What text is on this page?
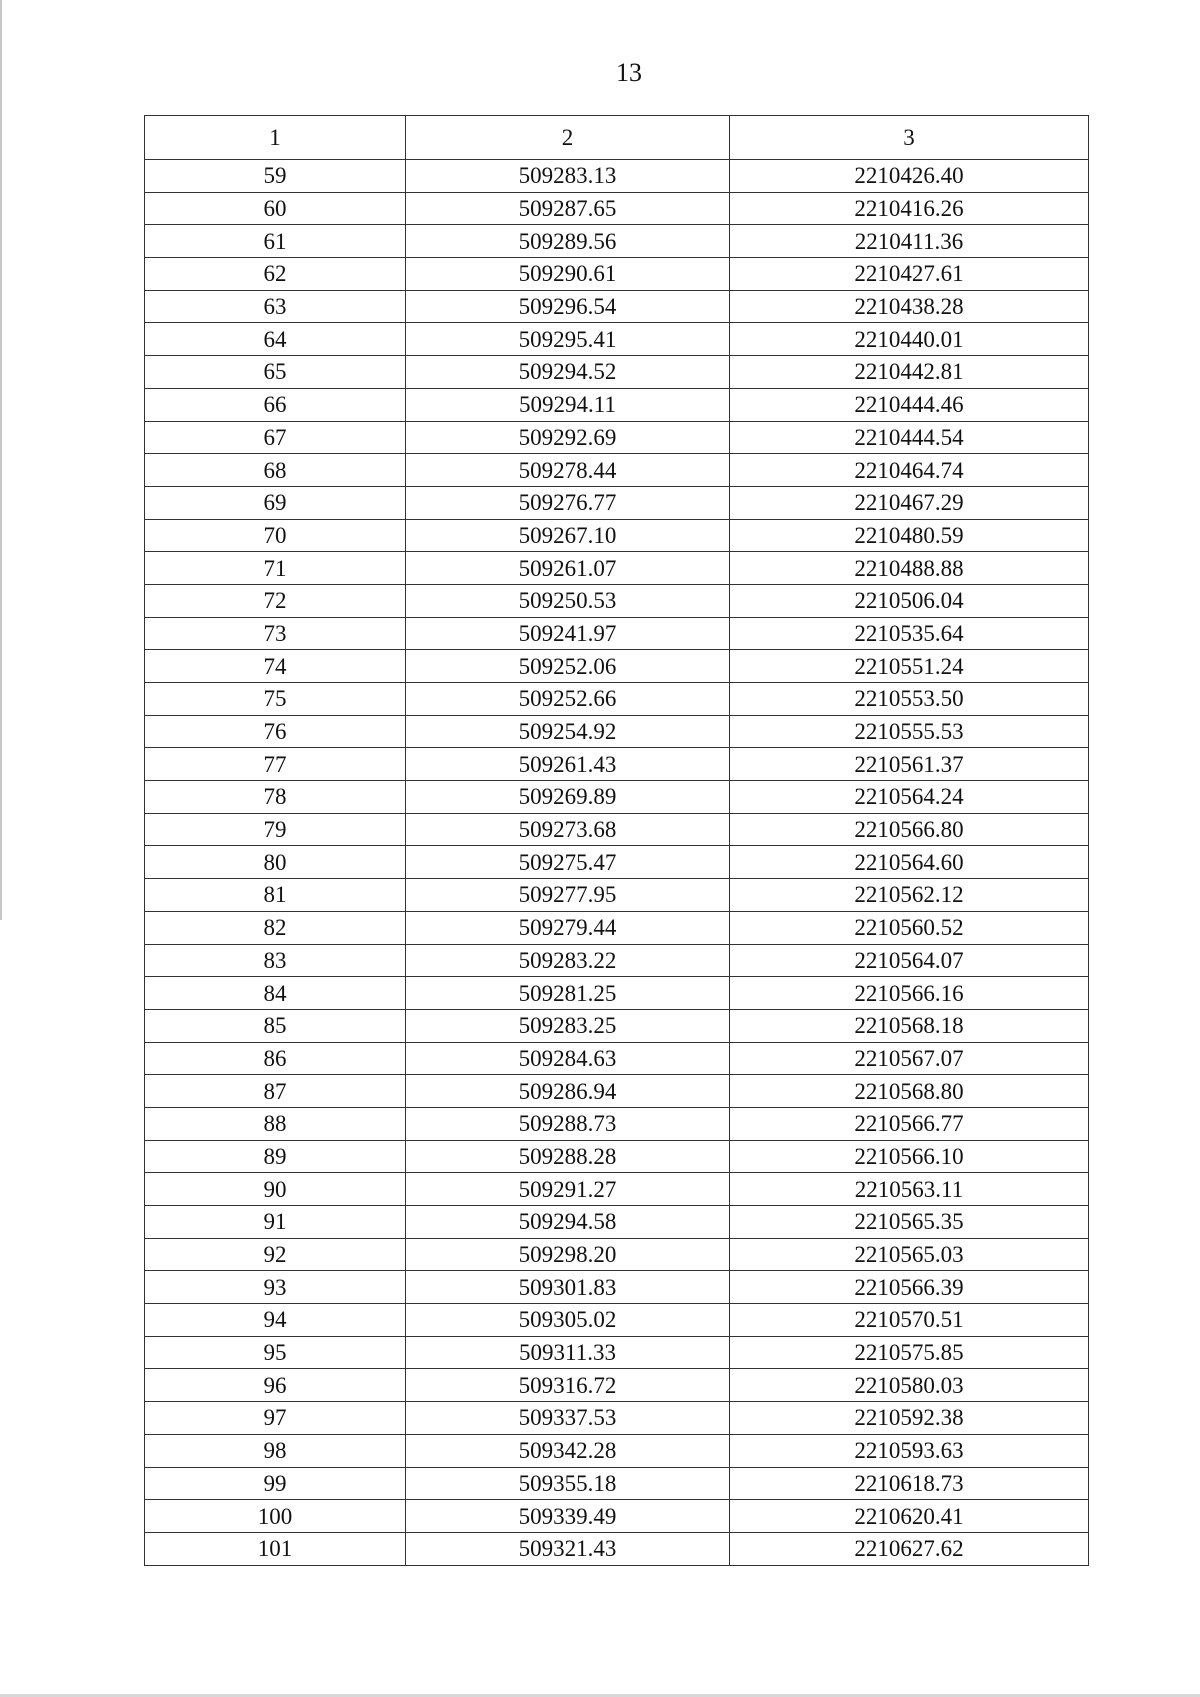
13
1	2	3
59	509283.13	2210426.40
60	509287.65	2210416.26
61	509289.56	2210411.36
62	509290.61	2210427.61
63	509296.54	2210438.28
64	509295.41	2210440.01
65	509294.52	2210442.81
66	509294.11	2210444.46
67	509292.69	2210444.54
68	509278.44	2210464.74
69	509276.77	2210467.29
70	509267.10	2210480.59
71	509261.07	2210488.88
72	509250.53	2210506.04
73	509241.97	2210535.64
74	509252.06	2210551.24
75	509252.66	2210553.50
76	509254.92	2210555.53
77	509261.43	2210561.37
78	509269.89	2210564.24
79	509273.68	2210566.80
80	509275.47	2210564.60
81	509277.95	2210562.12
82	509279.44	2210560.52
83	509283.22	2210564.07
84	509281.25	2210566.16
85	509283.25	2210568.18
86	509284.63	2210567.07
87	509286.94	2210568.80
88	509288.73	2210566.77
89	509288.28	2210566.10
90	509291.27	2210563.11
91	509294.58	2210565.35
92	509298.20	2210565.03
93	509301.83	2210566.39
94	509305.02	2210570.51
95	509311.33	2210575.85
96	509316.72	2210580.03
97	509337.53	2210592.38
98	509342.28	2210593.63
99	509355.18	2210618.73
100	509339.49	2210620.41
101	509321.43	2210627.62
